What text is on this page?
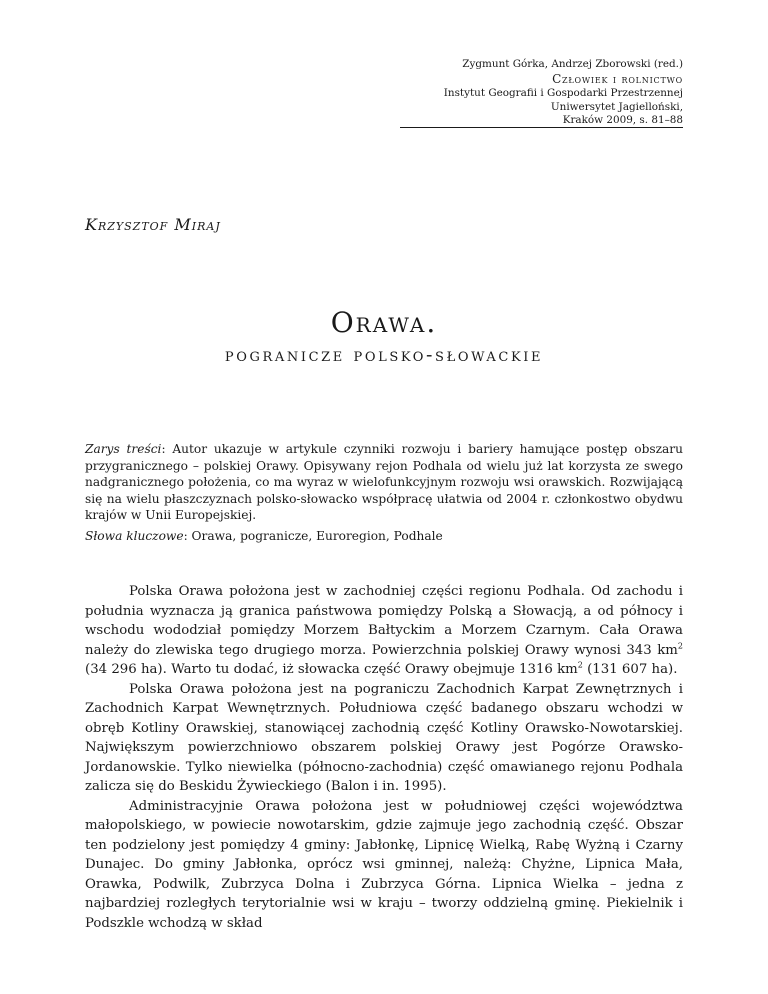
Zygmunt Górka, Andrzej Zborowski (red.)
Człowiek i rolnictwo
Instytut Geografii i Gospodarki Przestrzennej
Uniwersytet Jagielloński,
Kraków 2009, s. 81–88
Krzysztof Miraj
Orawa.
pogranicze polsko-słowackie

Zarys treści: Autor ukazuje w artykule czynniki rozwoju i bariery hamujące postęp obszaru przygranicznego – polskiej Orawy. Opisywany rejon Podhala od wielu już lat korzysta ze swego nadgranicznego położenia, co ma wyraz w wielofunkcyjnym rozwoju wsi orawskich. Rozwijającą się na wielu płaszczyznach polsko-słowacko współpracę ułatwia od 2004 r. członkostwo obydwu krajów w Unii Europejskiej.

Słowa kluczowe: Orawa, pogranicze, Euroregion, Podhale

Polska Orawa położona jest w zachodniej części regionu Podhala. Od zachodu i południa wyznacza ją granica państwowa pomiędzy Polską a Słowacją, a od północy i wschodu wododział pomiędzy Morzem Bałtyckim a Morzem Czarnym. Cała Orawa należy do zlewiska tego drugiego morza. Powierzchnia polskiej Orawy wynosi 343 $km^2$ (34 296 ha). Warto tu dodać, iż słowacka część Orawy obejmuje 1316 $km^2$ (131 607 ha).

Polska Orawa położona jest na pograniczu Zachodnich Karpat Zewnętrznych i Zachodnich Karpat Wewnętrznych. Południowa część badanego obszaru wchodzi w obręb Kotliny Orawskiej, stanowiącej zachodnią część Kotliny Orawsko-Nowotarskiej. Największym powierzchniowo obszarem polskiej Orawy jest Pogórze Orawsko-Jordanowskie. Tylko niewielka (północno-zachodnia) część omawianego rejonu Podhala zalicza się do Beskidu Żywieckiego (Balon i in. 1995).

Administracyjnie Orawa położona jest w południowej części województwa małopolskiego, w powiecie nowotarskim, gdzie zajmuje jego zachodnią część. Obszar ten podzielony jest pomiędzy 4 gminy: Jabłonkę, Lipnicę Wielką, Rabę Wyżną i Czarny Dunajec. Do gminy Jabłonka, oprócz wsi gminnej, należą: Chyżne, Lipnica Mała, Orawka, Podwilk, Zubrzyca Dolna i Zubrzyca Górna. Lipnica Wielka – jedna z najbardziej rozległych terytorialnie wsi w kraju – tworzy oddzielną gminę. Piekielnik i Podszkle wchodzą w skład
